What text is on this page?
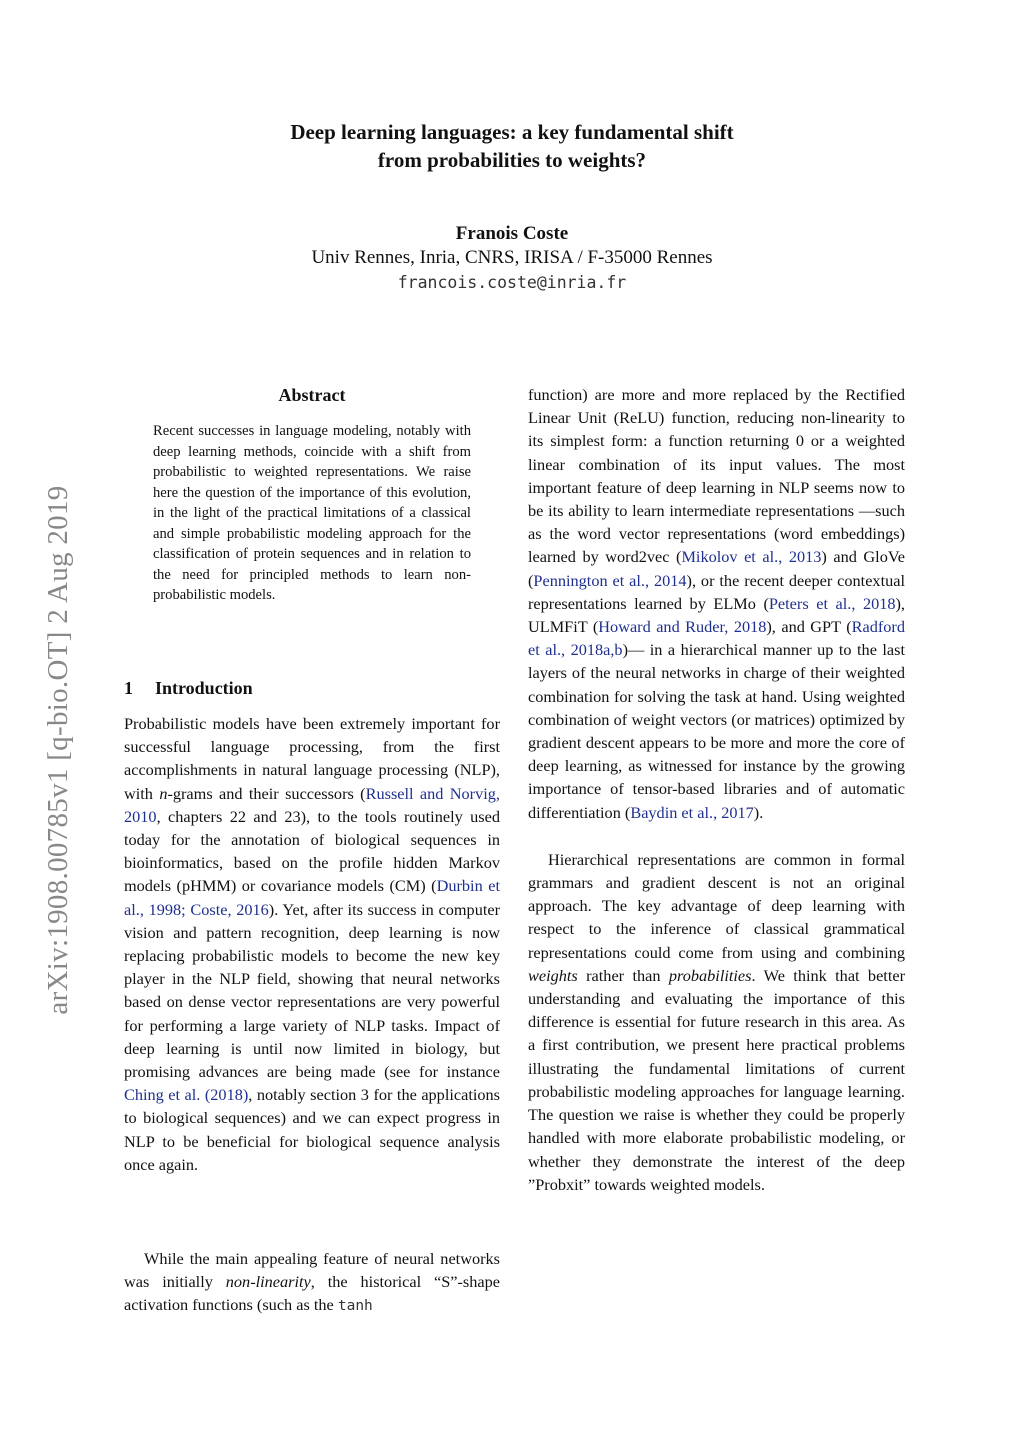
arXiv:1908.00785v1 [q-bio.OT] 2 Aug 2019
Deep learning languages: a key fundamental shift
from probabilities to weights?
Franois Coste
Univ Rennes, Inria, CNRS, IRISA / F-35000 Rennes
francois.coste@inria.fr
Abstract

Recent successes in language modeling, notably with deep learning methods, coincide with a shift from probabilistic to weighted representations. We raise here the question of the importance of this evolution, in the light of the practical limitations of a classical and simple probabilistic modeling approach for the classification of protein sequences and in relation to the need for principled methods to learn non-probabilistic models.

1 Introduction

Probabilistic models have been extremely important for successful language processing, from the first accomplishments in natural language processing (NLP), with n-grams and their successors (Russell and Norvig, 2010, chapters 22 and 23), to the tools routinely used today for the annotation of biological sequences in bioinformatics, based on the profile hidden Markov models (pHMM) or covariance models (CM) (Durbin et al., 1998; Coste, 2016). Yet, after its success in computer vision and pattern recognition, deep learning is now replacing probabilistic models to become the new key player in the NLP field, showing that neural networks based on dense vector representations are very powerful for performing a large variety of NLP tasks. Impact of deep learning is until now limited in biology, but promising advances are being made (see for instance Ching et al. (2018), notably section 3 for the applications to biological sequences) and we can expect progress in NLP to be beneficial for biological sequence analysis once again.

While the main appealing feature of neural networks was initially non-linearity, the historical “S”-shape activation functions (such as the tanh

function) are more and more replaced by the Rectified Linear Unit (ReLU) function, reducing non-linearity to its simplest form: a function returning 0 or a weighted linear combination of its input values. The most important feature of deep learning in NLP seems now to be its ability to learn intermediate representations —such as the word vector representations (word embeddings) learned by word2vec (Mikolov et al., 2013) and GloVe (Pennington et al., 2014), or the recent deeper contextual representations learned by ELMo (Peters et al., 2018), ULMFiT (Howard and Ruder, 2018), and GPT (Radford et al., 2018a,b)— in a hierarchical manner up to the last layers of the neural networks in charge of their weighted combination for solving the task at hand. Using weighted combination of weight vectors (or matrices) optimized by gradient descent appears to be more and more the core of deep learning, as witnessed for instance by the growing importance of tensor-based libraries and of automatic differentiation (Baydin et al., 2017).

Hierarchical representations are common in formal grammars and gradient descent is not an original approach. The key advantage of deep learning with respect to the inference of classical grammatical representations could come from using and combining weights rather than probabilities. We think that better understanding and evaluating the importance of this difference is essential for future research in this area. As a first contribution, we present here practical problems illustrating the fundamental limitations of current probabilistic modeling approaches for language learning. The question we raise is whether they could be properly handled with more elaborate probabilistic modeling, or whether they demonstrate the interest of the deep ”Probxit” towards weighted models.
